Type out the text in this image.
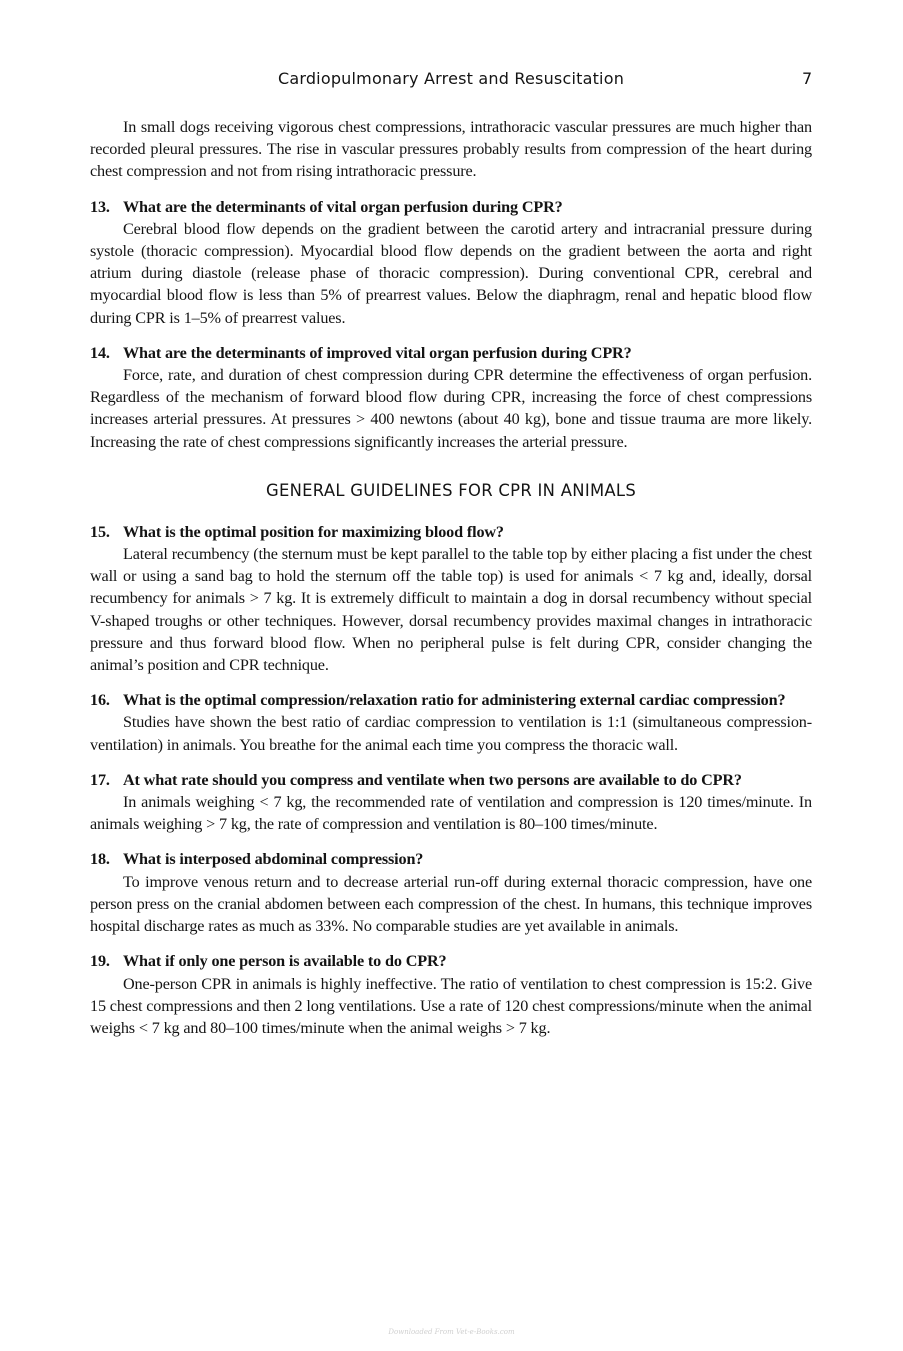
Cardiopulmonary Arrest and Resuscitation	7

In small dogs receiving vigorous chest compressions, intrathoracic vascular pressures are much higher than recorded pleural pressures. The rise in vascular pressures probably results from compression of the heart during chest compression and not from rising intrathoracic pressure.

13. What are the determinants of vital organ perfusion during CPR?

Cerebral blood flow depends on the gradient between the carotid artery and intracranial pressure during systole (thoracic compression). Myocardial blood flow depends on the gradient between the aorta and right atrium during diastole (release phase of thoracic compression). During conventional CPR, cerebral and myocardial blood flow is less than 5% of prearrest values. Below the diaphragm, renal and hepatic blood flow during CPR is 1–5% of prearrest values.

14. What are the determinants of improved vital organ perfusion during CPR?

Force, rate, and duration of chest compression during CPR determine the effectiveness of organ perfusion. Regardless of the mechanism of forward blood flow during CPR, increasing the force of chest compressions increases arterial pressures. At pressures > 400 newtons (about 40 kg), bone and tissue trauma are more likely. Increasing the rate of chest compressions significantly increases the arterial pressure.

GENERAL GUIDELINES FOR CPR IN ANIMALS

15. What is the optimal position for maximizing blood flow?

Lateral recumbency (the sternum must be kept parallel to the table top by either placing a fist under the chest wall or using a sand bag to hold the sternum off the table top) is used for animals < 7 kg and, ideally, dorsal recumbency for animals > 7 kg. It is extremely difficult to maintain a dog in dorsal recumbency without special V-shaped troughs or other techniques. However, dorsal recumbency provides maximal changes in intrathoracic pressure and thus forward blood flow. When no peripheral pulse is felt during CPR, consider changing the animal’s position and CPR technique.

16. What is the optimal compression/relaxation ratio for administering external cardiac compression?

Studies have shown the best ratio of cardiac compression to ventilation is 1:1 (simultaneous compression-ventilation) in animals. You breathe for the animal each time you compress the thoracic wall.

17. At what rate should you compress and ventilate when two persons are available to do CPR?

In animals weighing < 7 kg, the recommended rate of ventilation and compression is 120 times/minute. In animals weighing > 7 kg, the rate of compression and ventilation is 80–100 times/minute.

18. What is interposed abdominal compression?

To improve venous return and to decrease arterial run-off during external thoracic compression, have one person press on the cranial abdomen between each compression of the chest. In humans, this technique improves hospital discharge rates as much as 33%. No comparable studies are yet available in animals.

19. What if only one person is available to do CPR?

One-person CPR in animals is highly ineffective. The ratio of ventilation to chest compression is 15:2. Give 15 chest compressions and then 2 long ventilations. Use a rate of 120 chest compressions/minute when the animal weighs < 7 kg and 80–100 times/minute when the animal weighs > 7 kg.

Downloaded From Vet-e-Books.com
